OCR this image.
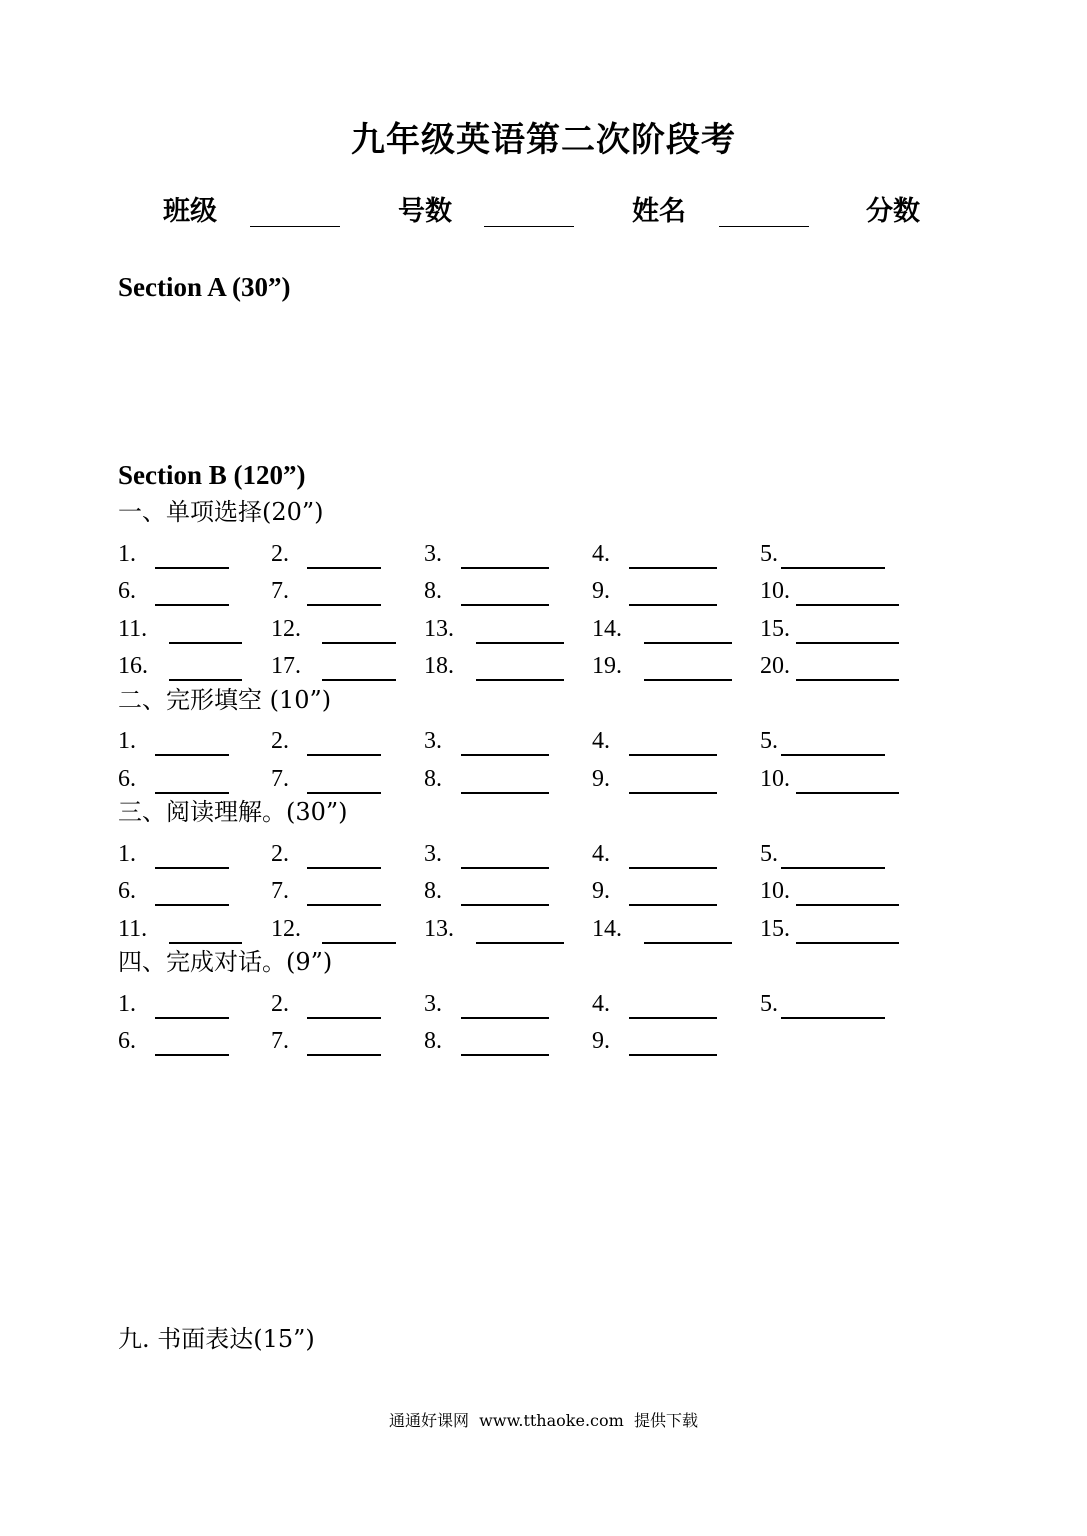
九年级英语第二次阶段考
班级	号数	姓名	分数
Section A (30”)
Section B (120”)
一、单项选择(20”)
1.	2.	3.	4.	5.
6.	7.	8.	9.	10.
11.	12.	13.	14.	15.
16.	17.	18.	19.	20.
二、完形填空 (10”)
1.	2.	3.	4.	5.
6.	7.	8.	9.	10.
三、阅读理解。(30”)
1.	2.	3.	4.	5.
6.	7.	8.	9.	10.
11.	12.	13.	14.	15.
四、完成对话。(9”)
1.	2.	3.	4.	5.
6.	7.	8.	9.
九. 书面表达(15”)
通通好课网  www.tthaoke.com  提供下载
